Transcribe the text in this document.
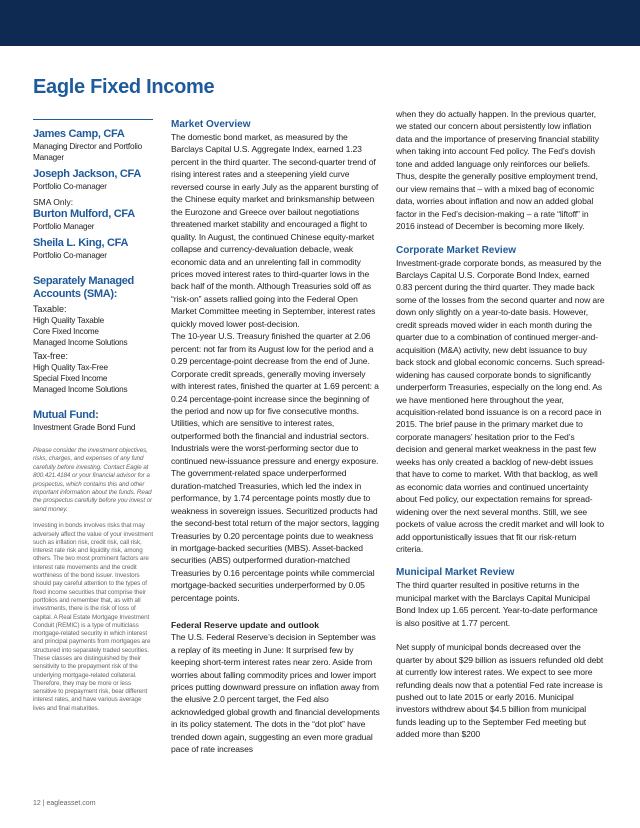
Eagle Fixed Income
James Camp, CFA
Managing Director and Portfolio Manager
Joseph Jackson, CFA
Portfolio Co-manager
SMA Only:
Burton Mulford, CFA
Portfolio Manager
Sheila L. King, CFA
Portfolio Co-manager
Separately Managed Accounts (SMA):
Taxable:
High Quality Taxable
Core Fixed Income
Managed Income Solutions
Tax-free:
High Quality Tax-Free
Special Fixed Income
Managed Income Solutions
Mutual Fund:
Investment Grade Bond Fund
Please consider the investment objectives, risks, charges, and expenses of any fund carefully before investing. Contact Eagle at 800.421.4184 or your financial advisor for a prospectus, which contains this and other important information about the funds. Read the prospectus carefully before you invest or send money.
Investing in bonds involves risks that may adversely affect the value of your investment such as inflation risk, credit risk, call risk, interest rate risk and liquidity risk, among others. The two most prominent factors are interest rate movements and the credit worthiness of the bond issuer. Investors should pay careful attention to the types of fixed income securities that comprise their portfolios and remember that, as with all investments, there is the risk of loss of capital. A Real Estate Mortgage Investment Conduit (REMIC) is a type of multiclass mortgage-related security in which interest and principal payments from mortgages are structured into separately traded securities. These classes are distinguished by their sensitivity to the prepayment risk of the underlying mortgage-related collateral. Therefore, they may be more or less sensitive to prepayment risk, bear different interest rates, and have various average lives and final maturities.
Market Overview

The domestic bond market, as measured by the Barclays Capital U.S. Aggregate Index, earned 1.23 percent in the third quarter. The second-quarter trend of rising interest rates and a steepening yield curve reversed course in early July as the apparent bursting of the Chinese equity market and brinksmanship between the Eurozone and Greece over bailout negotiations threatened market stability and encouraged a flight to quality. In August, the continued Chinese equity-market collapse and currency-devaluation debacle, weak economic data and an unrelenting fall in commodity prices moved interest rates to third-quarter lows in the back half of the month. Although Treasuries sold off as “risk-on” assets rallied going into the Federal Open Market Committee meeting in September, interest rates quickly moved lower post-decision.

The 10-year U.S. Treasury finished the quarter at 2.06 percent: not far from its August low for the period and a 0.29 percentage-point decrease from the end of June. Corporate credit spreads, generally moving inversely with interest rates, finished the quarter at 1.69 percent: a 0.24 percentage-point increase since the beginning of the period and now up for five consecutive months. Utilities, which are sensitive to interest rates, outperformed both the financial and industrial sectors. Industrials were the worst-performing sector due to continued new-issuance pressure and energy exposure. The government-related space underperformed duration-matched Treasuries, which led the index in performance, by 1.74 percentage points mostly due to weakness in sovereign issues. Securitized products had the second-best total return of the major sectors, lagging Treasuries by 0.20 percentage points due to weakness in mortgage-backed securities (MBS). Asset-backed securities (ABS) outperformed duration-matched Treasuries by 0.16 percentage points while commercial mortgage-backed securities underperformed by 0.05 percentage points.

Federal Reserve update and outlook

The U.S. Federal Reserve’s decision in September was a replay of its meeting in June: It surprised few by keeping short-term interest rates near zero. Aside from worries about falling commodity prices and lower import prices putting downward pressure on inflation away from the elusive 2.0 percent target, the Fed also acknowledged global growth and financial developments in its policy statement. The dots in the “dot plot” have trended down again, suggesting an even more gradual pace of rate increases

when they do actually happen. In the previous quarter, we stated our concern about persistently low inflation data and the importance of preserving financial stability when taking into account Fed policy. The Fed’s dovish tone and added language only reinforces our beliefs. Thus, despite the generally positive employment trend, our view remains that – with a mixed bag of economic data, worries about inflation and now an added global factor in the Fed’s decision-making – a rate “liftoff” in 2016 instead of December is becoming more likely.

Corporate Market Review

Investment-grade corporate bonds, as measured by the Barclays Capital U.S. Corporate Bond Index, earned 0.83 percent during the third quarter. They made back some of the losses from the second quarter and now are down only slightly on a year-to-date basis. However, credit spreads moved wider in each month during the quarter due to a combination of continued merger-and-acquisition (M&A) activity, new debt issuance to buy back stock and global economic concerns. Such spread-widening has caused corporate bonds to significantly underperform Treasuries, especially on the long end. As we have mentioned here throughout the year, acquisition-related bond issuance is on a record pace in 2015. The brief pause in the primary market due to corporate managers’ hesitation prior to the Fed’s decision and general market weakness in the past few weeks has only created a backlog of new-debt issues that have to come to market. With that backlog, as well as economic data worries and continued uncertainty about Fed policy, our expectation remains for spread-widening over the next several months. Still, we see pockets of value across the credit market and will look to add opportunistically issues that fit our risk-return criteria.

Municipal Market Review

The third quarter resulted in positive returns in the municipal market with the Barclays Capital Municipal Bond Index up 1.65 percent. Year-to-date performance is also positive at 1.77 percent.

Net supply of municipal bonds decreased over the quarter by about $29 billion as issuers refunded old debt at currently low interest rates. We expect to see more refunding deals now that a potential Fed rate increase is pushed out to late 2015 or early 2016. Municipal investors withdrew about $4.5 billion from municipal funds leading up to the September Fed meeting but added more than $200

12 | eagleasset.com
